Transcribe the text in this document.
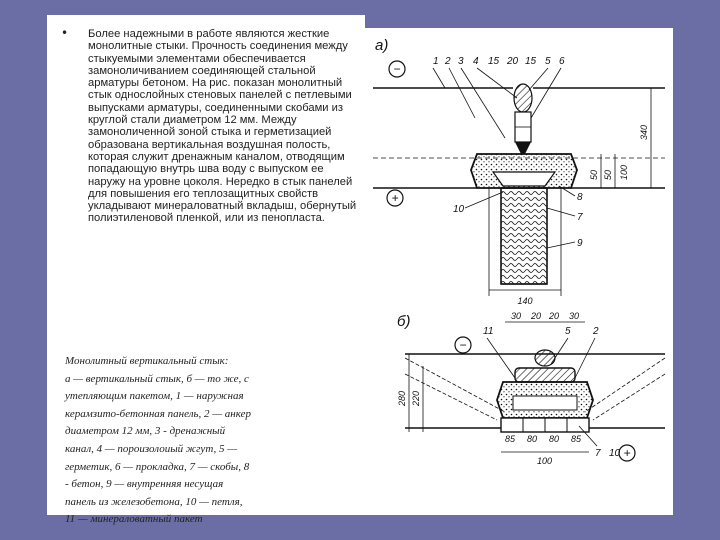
• Более надежными в работе являются жесткие монолитные стыки. Прочность соединения между стыкуемыми элементами обеспечивается замоноличиванием соединяющей стальной арматуры бетоном. На рис. показан монолитный стык однослойных стеновых панелей с петлевыми выпусками арматуры, соединенными скобами из круглой стали диаметром 12 мм. Между замоноличенной зоной стыка и герметизацией образована вертикальная воздушная полость, которая служит дренажным каналом, отводящим попадающую внутрь шва воду с выпуском ее наружу на уровне цоколя. Нередко в стык панелей для повышения его теплозащитных свойств укладывают минераловатный вкладыш, обернутый полиэтиленовой пленкой, или из пенопласта.
Монолитный вертикальный стык:
а — вертикальный стык, б — то же, с
утепляющим пакетом, 1 — наружная
керамзито-бетонная панель, 2 — анкер
диаметром 12 мм, 3 - дренажный
канал, 4 — пороизолоиый жгут, 5 —
герметик, 6 — прокладка, 7 — скобы, 8
- бетон, 9 — внутренняя несущая
панель из железобетона, 10 — петля,
11 — минераловатный пакет
а)
−
+
140
1 2 3 4 15 20 15 5 6
10
8
7
9
340
50
50 100
б)
−
+
30 20 20 30
11	5 2
85 80 80 85
100
280 220
7 10
